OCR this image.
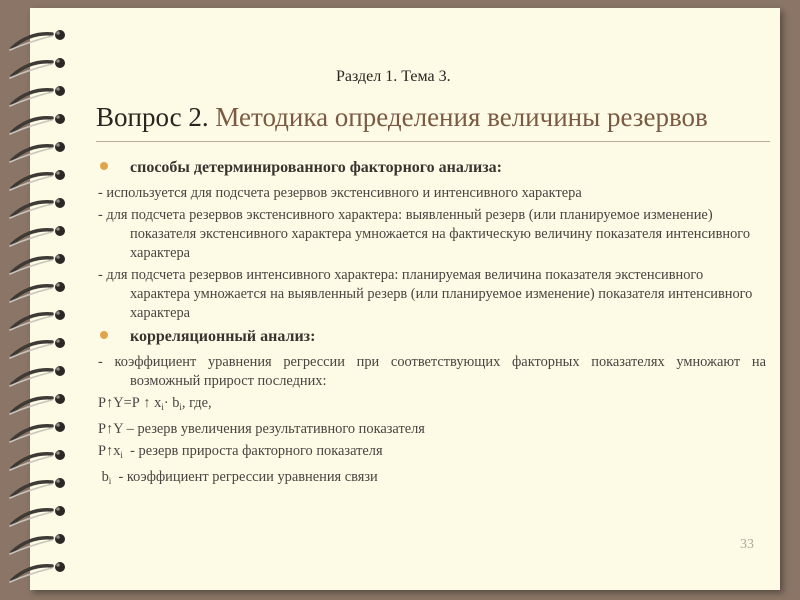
Раздел 1. Тема 3.
Вопрос 2. Методика определения величины резервов
способы детерминированного факторного анализа:
- используется для подсчета резервов экстенсивного и интенсивного характера
- для подсчета резервов экстенсивного характера: выявленный резерв (или планируемое изменение) показателя экстенсивного характера умножается на фактическую величину показателя интенсивного характера
- для подсчета резервов интенсивного характера: планируемая величина показателя экстенсивного характера умножается на выявленный резерв (или планируемое изменение) показателя интенсивного характера
корреляционный анализ:
- коэффициент уравнения регрессии при соответствующих факторных показателях умножают на возможный прирост последних:
Р↑Y=Р ↑ $x_i\cdot b_i$, где,
Р↑Y – резерв увеличения результативного показателя
$Р↑x_i$  - резерв прироста факторного показателя
$b_i$  - коэффициент регрессии уравнения связи
33
